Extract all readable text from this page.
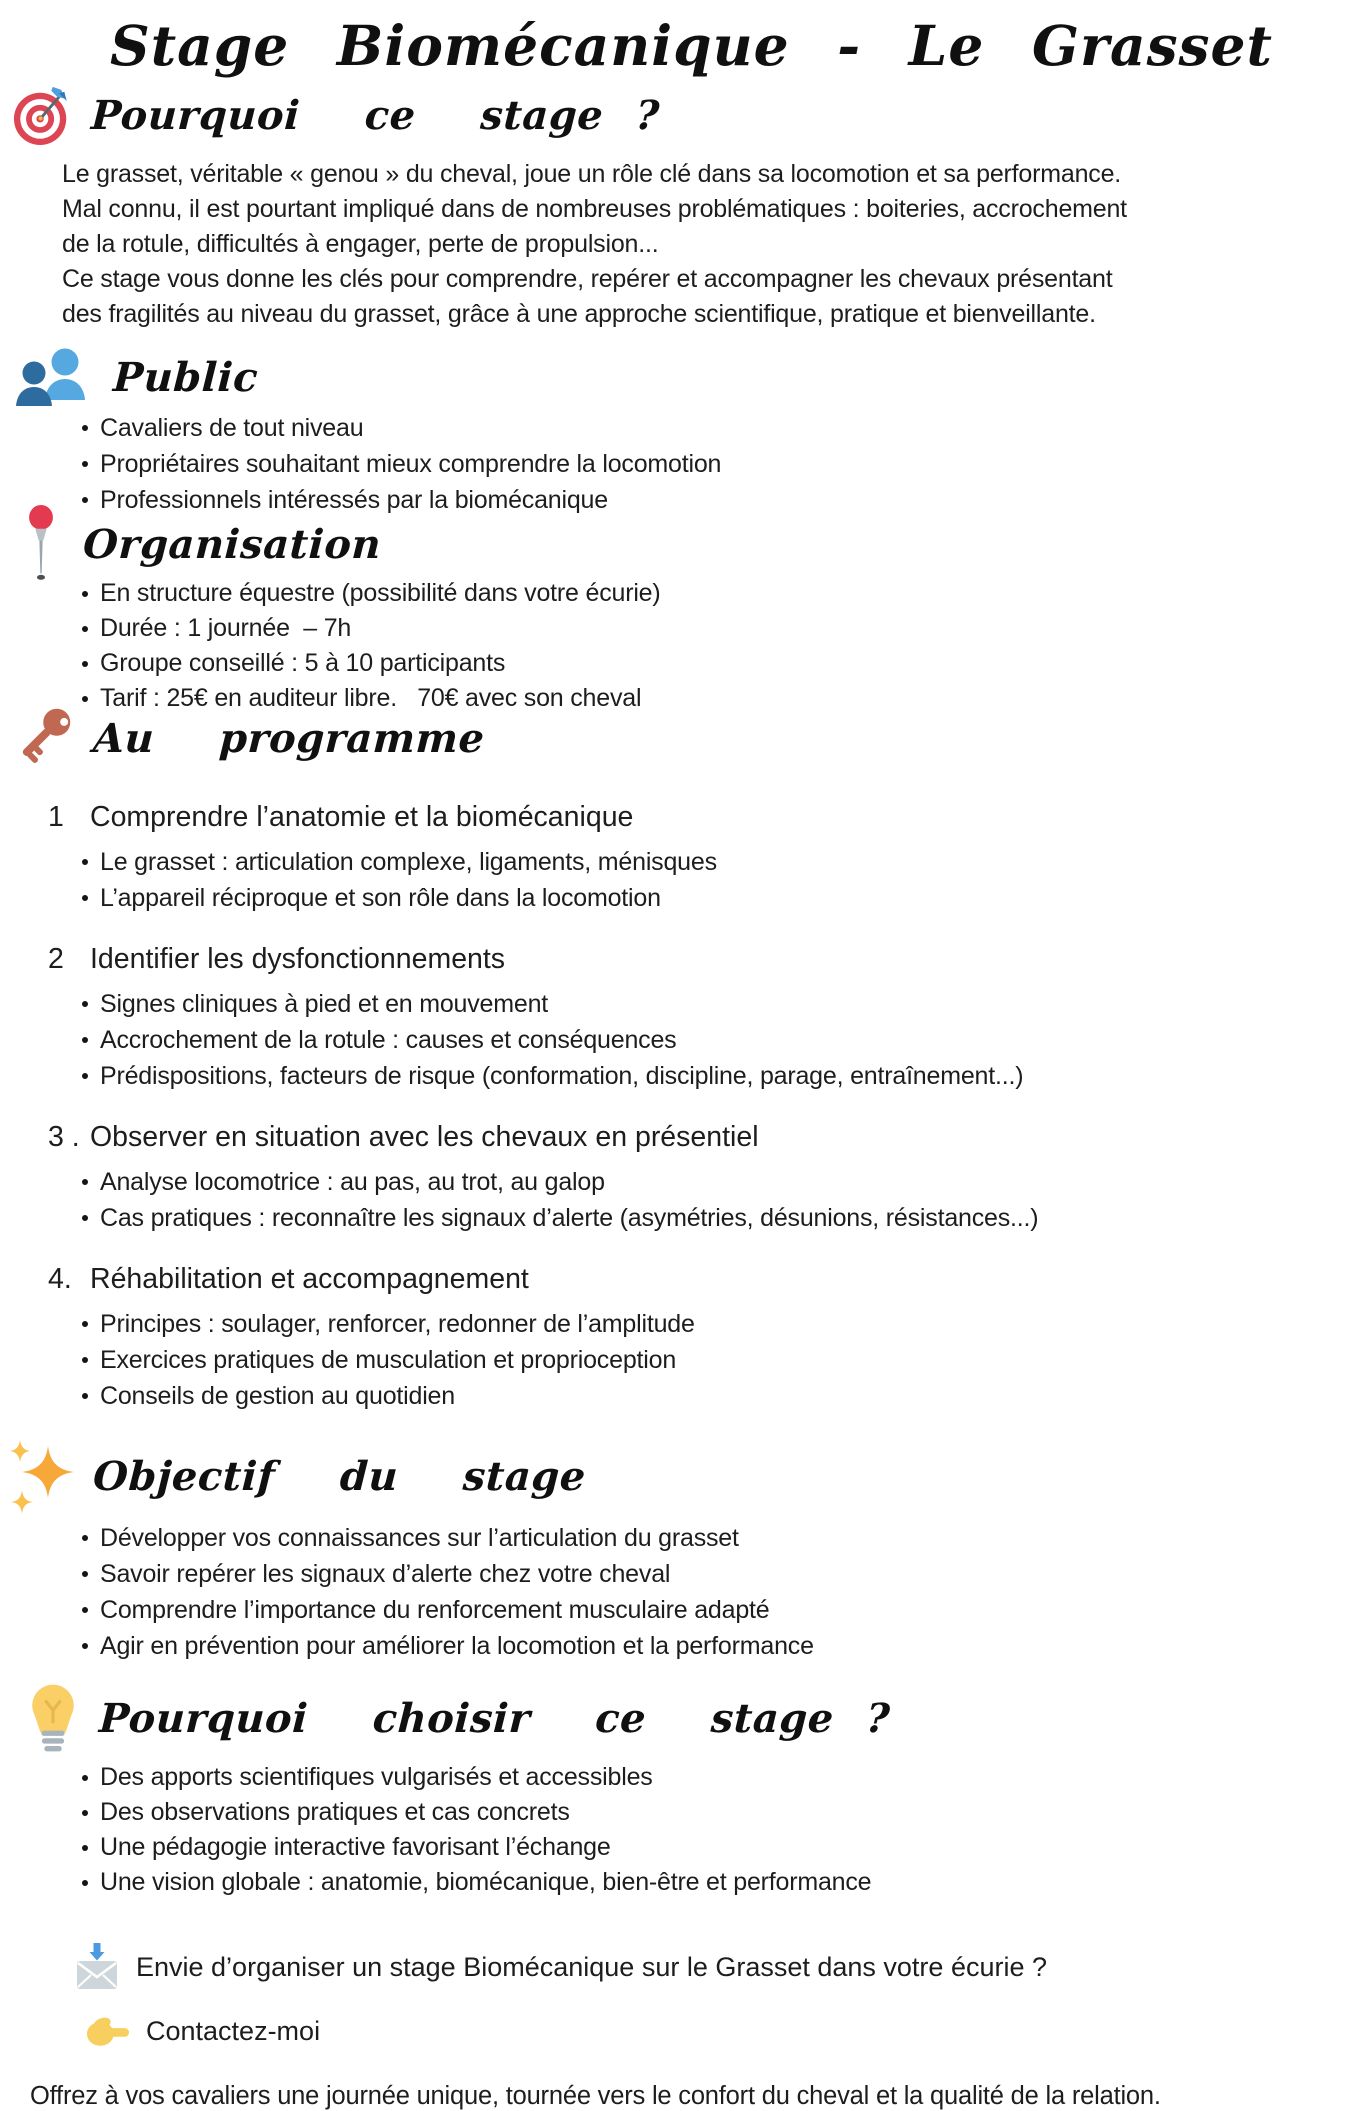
Stage Biomécanique - Le Grasset
Pourquoi  ce  stage ?
Le grasset, véritable « genou » du cheval, joue un rôle clé dans sa locomotion et sa performance.
Mal connu, il est pourtant impliqué dans de nombreuses problématiques : boiteries, accrochement
de la rotule, difficultés à engager, perte de propulsion...
Ce stage vous donne les clés pour comprendre, repérer et accompagner les chevaux présentant
des fragilités au niveau du grasset, grâce à une approche scientifique, pratique et bienveillante.
Public
Cavaliers de tout niveau
Propriétaires souhaitant mieux comprendre la locomotion
Professionnels intéressés par la biomécanique
Organisation
En structure équestre (possibilité dans votre écurie)
Durée : 1 journée  – 7h
Groupe conseillé : 5 à 10 participants
Tarif : 25€ en auditeur libre.   70€ avec son cheval
Au  programme
1 Comprendre l’anatomie et la biomécanique
Le grasset : articulation complexe, ligaments, ménisques
L’appareil réciproque et son rôle dans la locomotion
2 Identifier les dysfonctionnements
Signes cliniques à pied et en mouvement
Accrochement de la rotule : causes et conséquences
Prédispositions, facteurs de risque (conformation, discipline, parage, entraînement...)
3 . Observer en situation avec les chevaux en présentiel
Analyse locomotrice : au pas, au trot, au galop
Cas pratiques : reconnaître les signaux d’alerte (asymétries, désunions, résistances...)
4. Réhabilitation et accompagnement
Principes : soulager, renforcer, redonner de l’amplitude
Exercices pratiques de musculation et proprioception
Conseils de gestion au quotidien
Objectif  du  stage
Développer vos connaissances sur l’articulation du grasset
Savoir repérer les signaux d’alerte chez votre cheval
Comprendre l’importance du renforcement musculaire adapté
Agir en prévention pour améliorer la locomotion et la performance
Pourquoi  choisir  ce  stage ?
Des apports scientifiques vulgarisés et accessibles
Des observations pratiques et cas concrets
Une pédagogie interactive favorisant l’échange
Une vision globale : anatomie, biomécanique, bien-être et performance
Envie d’organiser un stage Biomécanique sur le Grasset dans votre écurie ?
Contactez-moi
Offrez à vos cavaliers une journée unique, tournée vers le confort du cheval et la qualité de la relation.
